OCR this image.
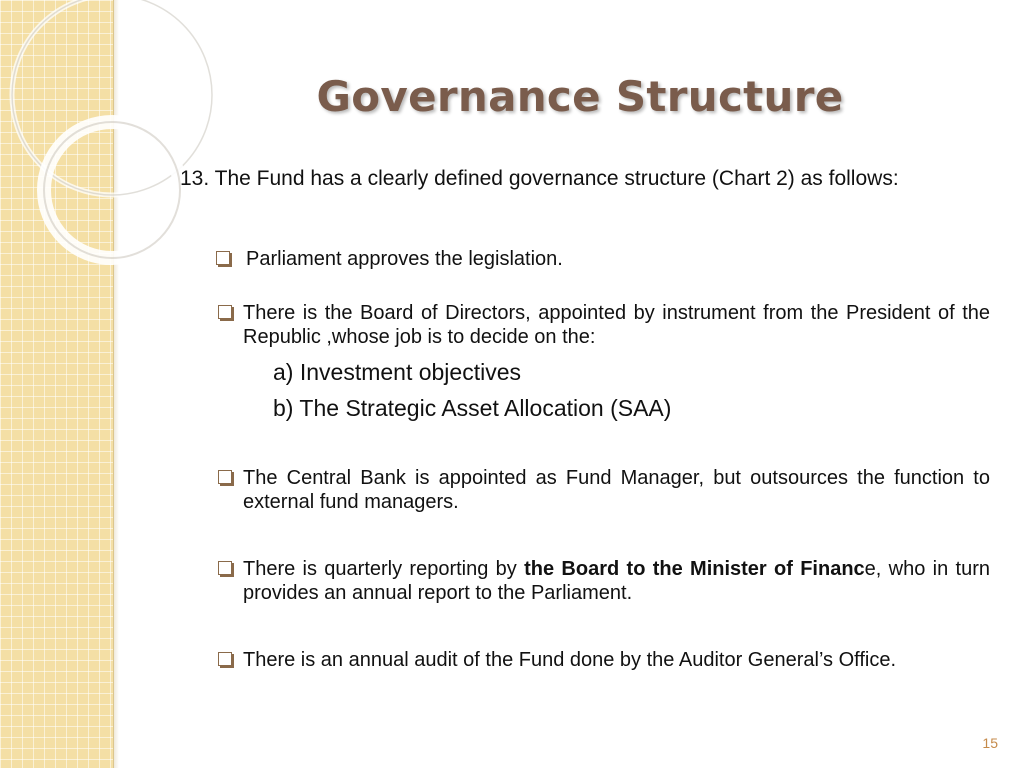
Governance Structure
13. The Fund has a clearly defined governance structure (Chart 2) as follows:
Parliament approves the legislation.
There is the Board of Directors, appointed by instrument from the President of the Republic ,whose job is to decide on the:
a) Investment objectives
b) The Strategic Asset Allocation (SAA)
The Central Bank is appointed as Fund Manager, but outsources the function to external fund managers.
There is quarterly reporting by the Board to the Minister of Finance, who in turn provides an annual report to the Parliament.
There is an annual audit of the Fund done by the Auditor General’s Office.
15
